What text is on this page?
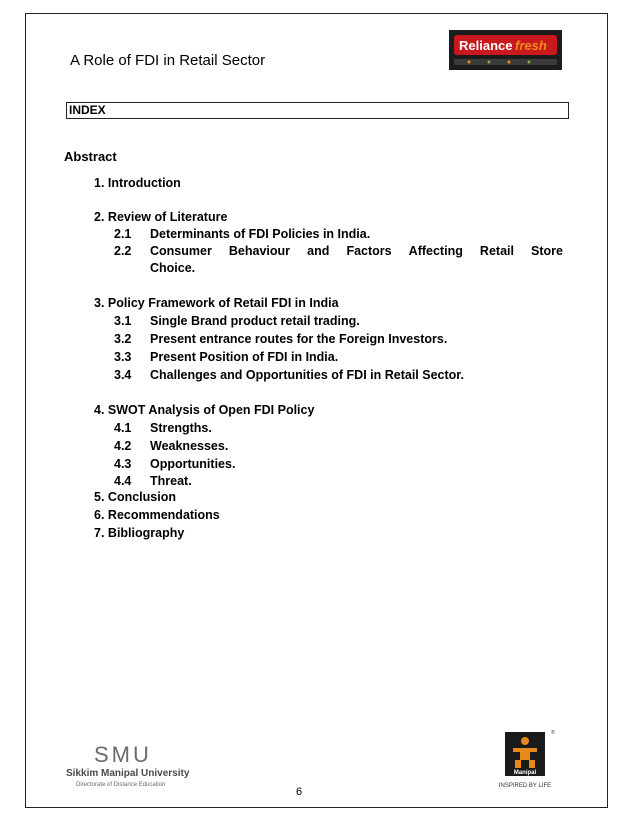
A Role of FDI in Retail Sector
Reliance fresh
INDEX
Abstract
1. Introduction
2. Review of Literature
2.1 Determinants of FDI Policies in India.
2.2 Consumer Behaviour and Factors Affecting Retail Store
Choice.
3. Policy Framework of Retail FDI in India
3.1 Single Brand product retail trading.
3.2 Present entrance routes for the Foreign Investors.
3.3 Present Position of FDI in India.
3.4 Challenges and Opportunities of FDI in Retail Sector.
4. SWOT Analysis of Open FDI Policy
4.1 Strengths.
4.2 Weaknesses.
4.3 Opportunities.
4.4 Threat.
5. Conclusion
6. Recommendations
7. Bibliography
SMU
Sikkim Manipal University
Directorate of Distance Education
Manipal
®
INSPIRED BY LIFE
6
